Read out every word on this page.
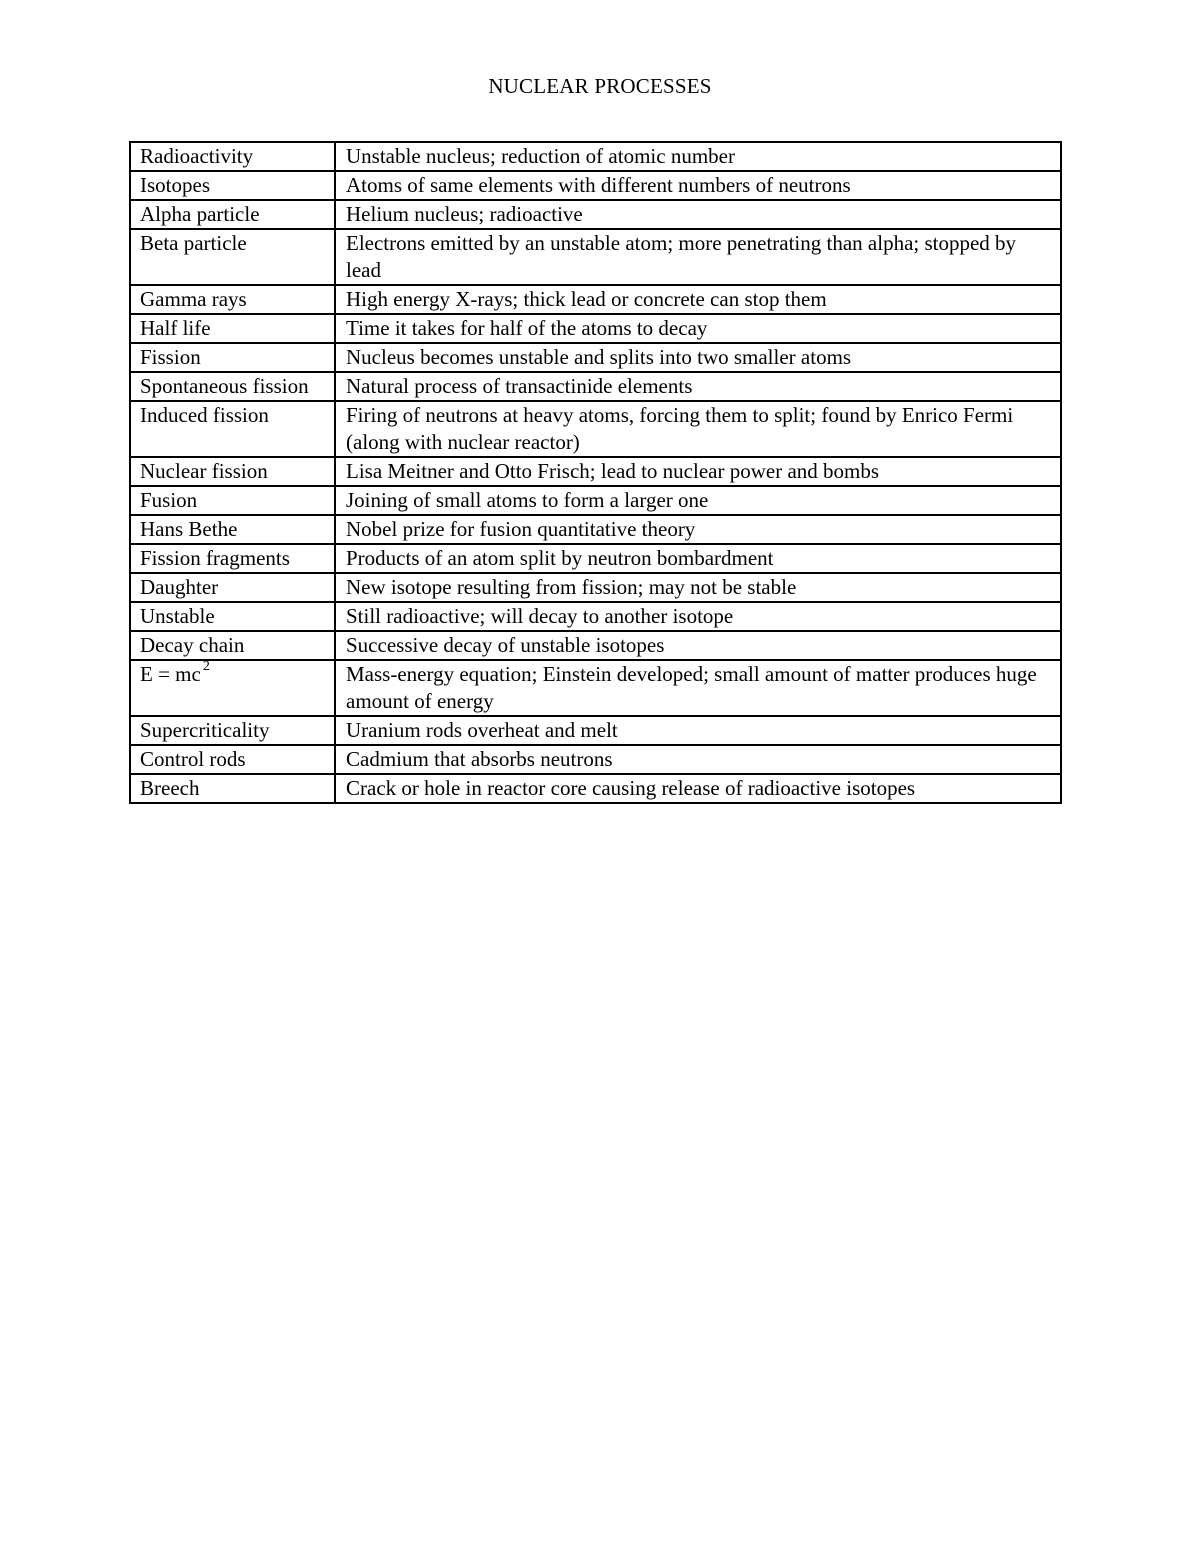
NUCLEAR PROCESSES
Radioactivity	Unstable nucleus; reduction of atomic number
Isotopes	Atoms of same elements with different numbers of neutrons
Alpha particle	Helium nucleus; radioactive
Beta particle	Electrons emitted by an unstable atom; more penetrating than alpha; stopped by lead
Gamma rays	High energy X-rays; thick lead or concrete can stop them
Half life	Time it takes for half of the atoms to decay
Fission	Nucleus becomes unstable and splits into two smaller atoms
Spontaneous fission	Natural process of transactinide elements
Induced fission	Firing of neutrons at heavy atoms, forcing them to split; found by Enrico Fermi (along with nuclear reactor)
Nuclear fission	Lisa Meitner and Otto Frisch; lead to nuclear power and bombs
Fusion	Joining of small atoms to form a larger one
Hans Bethe	Nobel prize for fusion quantitative theory
Fission fragments	Products of an atom split by neutron bombardment
Daughter	New isotope resulting from fission; may not be stable
Unstable	Still radioactive; will decay to another isotope
Decay chain	Successive decay of unstable isotopes
E = mc $^2$	Mass-energy equation; Einstein developed; small amount of matter produces huge amount of energy
Supercriticality	Uranium rods overheat and melt
Control rods	Cadmium that absorbs neutrons
Breech	Crack or hole in reactor core causing release of radioactive isotopes
